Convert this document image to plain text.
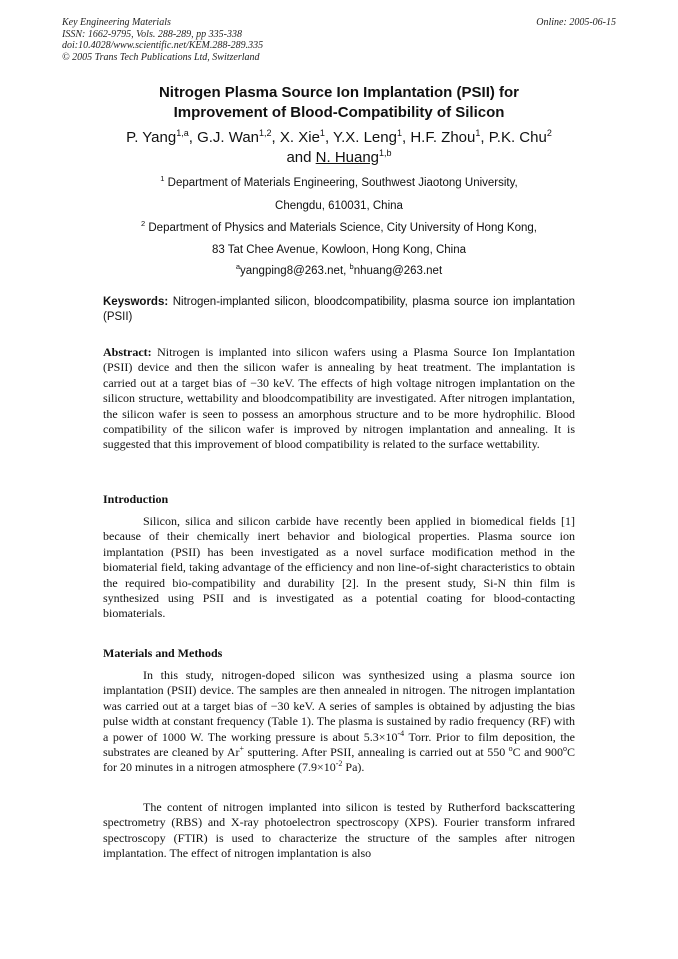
Key Engineering Materials
ISSN: 1662-9795, Vols. 288-289, pp 335-338
doi:10.4028/www.scientific.net/KEM.288-289.335
© 2005 Trans Tech Publications Ltd, Switzerland
Online: 2005-06-15
Nitrogen Plasma Source Ion Implantation (PSII) for
Improvement of Blood-Compatibility of Silicon
P. Yang$^{1,a}$, G.J. Wan$^{1,2}$, X. Xie$^1$, Y.X. Leng$^1$, H.F. Zhou$^1$, P.K. Chu$^2$
and N. Huang$^{1,b}$
$^1$ Department of Materials Engineering, Southwest Jiaotong University,
Chengdu, 610031, China
$^2$ Department of Physics and Materials Science, City University of Hong Kong,
83 Tat Chee Avenue, Kowloon, Hong Kong, China
$^a$yangping8@263.net, $^b$nhuang@263.net
Keyswords: Nitrogen-implanted silicon, bloodcompatibility, plasma source ion implantation (PSII)
Abstract: Nitrogen is implanted into silicon wafers using a Plasma Source Ion Implantation (PSII) device and then the silicon wafer is annealing by heat treatment. The implantation is carried out at a target bias of −30 keV. The effects of high voltage nitrogen implantation on the silicon structure, wettability and bloodcompatibility are investigated. After nitrogen implantation, the silicon wafer is seen to possess an amorphous structure and to be more hydrophilic. Blood compatibility of the silicon wafer is improved by nitrogen implantation and annealing. It is suggested that this improvement of blood compatibility is related to the surface wettability.
Introduction
Silicon, silica and silicon carbide have recently been applied in biomedical fields [1] because of their chemically inert behavior and biological properties. Plasma source ion implantation (PSII) has been investigated as a novel surface modification method in the biomaterial field, taking advantage of the efficiency and non line-of-sight characteristics to obtain the required bio-compatibility and durability [2]. In the present study, Si-N thin film is synthesized using PSII and is investigated as a potential coating for blood-contacting biomaterials.
Materials and Methods
In this study, nitrogen-doped silicon was synthesized using a plasma source ion implantation (PSII) device. The samples are then annealed in nitrogen. The nitrogen implantation was carried out at a target bias of −30 keV. A series of samples is obtained by adjusting the bias pulse width at constant frequency (Table 1). The plasma is sustained by radio frequency (RF) with a power of 1000 W. The working pressure is about $5.3\times 10^{-4}$ Torr. Prior to film deposition, the substrates are cleaned by Ar+ sputtering. After PSII, annealing is carried out at 550 $^o$C and 900$^o$C for 20 minutes in a nitrogen atmosphere ($7.9\times 10^{-2}$ Pa).
The content of nitrogen implanted into silicon is tested by Rutherford backscattering spectrometry (RBS) and X-ray photoelectron spectroscopy (XPS). Fourier transform infrared spectroscopy (FTIR) is used to characterize the structure of the samples after nitrogen implantation. The effect of nitrogen implantation is also
